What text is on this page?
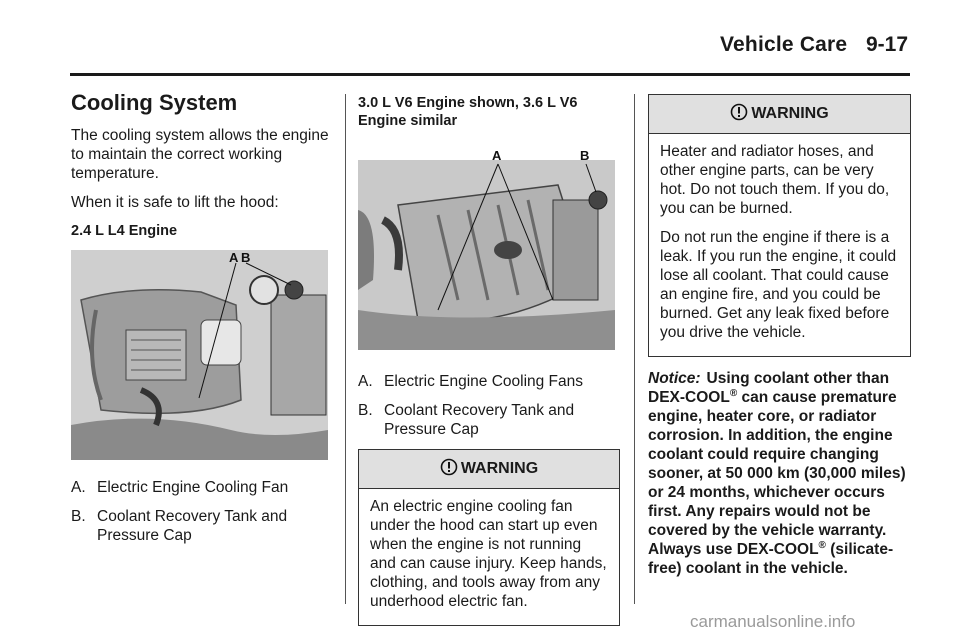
Vehicle Care 9-17
Cooling System

The cooling system allows the engine to maintain the correct working temperature.

When it is safe to lift the hood:

2.4 L L4 Engine
A B
A. Electric Engine Cooling Fan
B. Coolant Recovery Tank and Pressure Cap
3.0 L V6 Engine shown, 3.6 L V6 Engine similar
A	B
A. Electric Engine Cooling Fans
B. Coolant Recovery Tank and Pressure Cap
WARNING

An electric engine cooling fan under the hood can start up even when the engine is not running and can cause injury. Keep hands, clothing, and tools away from any underhood electric fan.

WARNING

Heater and radiator hoses, and other engine parts, can be very hot. Do not touch them. If you do, you can be burned.

Do not run the engine if there is a leak. If you run the engine, it could lose all coolant. That could cause an engine fire, and you could be burned. Get any leak fixed before you drive the vehicle.

Notice: Using coolant other than DEX-COOL® can cause premature engine, heater core, or radiator corrosion. In addition, the engine coolant could require changing sooner, at 50 000 km (30,000 miles) or 24 months, whichever occurs first. Any repairs would not be covered by the vehicle warranty. Always use DEX-COOL® (silicate-free) coolant in the vehicle.
carmanualsonline.info
